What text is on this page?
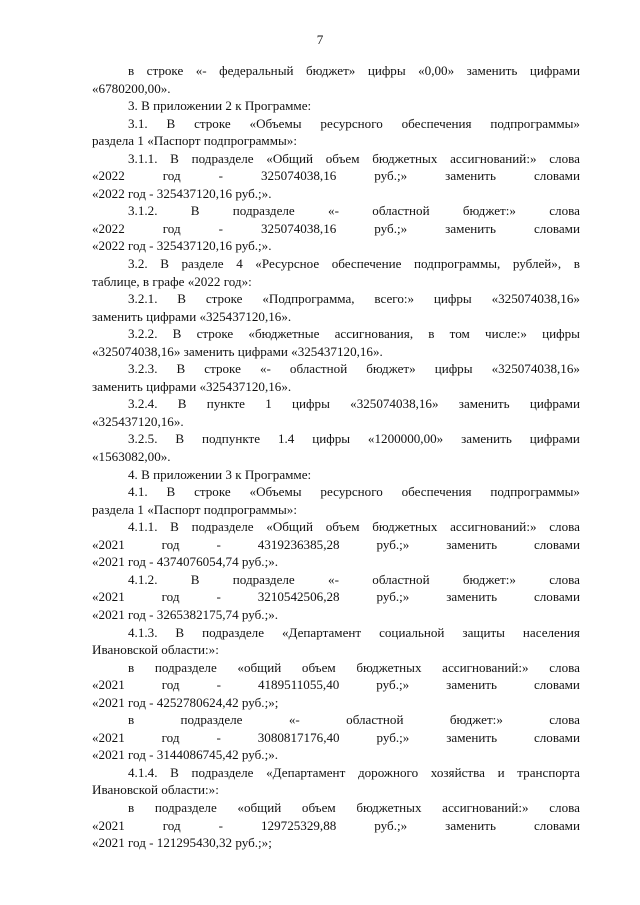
7
в строке «- федеральный бюджет» цифры «0,00» заменить цифрами
«6780200,00».
3. В приложении 2 к Программе:
3.1. В строке «Объемы ресурсного обеспечения подпрограммы»
раздела 1 «Паспорт подпрограммы»:
3.1.1. В подразделе «Общий объем бюджетных ассигнований:» слова
«2022	год	-	325074038,16	руб.;»	заменить	словами
«2022 год - 325437120,16 руб.;».
3.1.2.	В	подразделе	«-	областной	бюджет:»	слова
«2022	год	-	325074038,16	руб.;»	заменить	словами
«2022 год - 325437120,16 руб.;».
3.2. В разделе 4 «Ресурсное обеспечение подпрограммы, рублей», в
таблице, в графе «2022 год»:
3.2.1. В строке «Подпрограмма, всего:» цифры «325074038,16»
заменить цифрами «325437120,16».
3.2.2. В строке «бюджетные ассигнования, в том числе:» цифры
«325074038,16» заменить цифрами «325437120,16».
3.2.3. В строке «- областной бюджет» цифры «325074038,16»
заменить цифрами «325437120,16».
3.2.4. В пункте 1 цифры «325074038,16» заменить цифрами
«325437120,16».
3.2.5. В подпункте 1.4 цифры «1200000,00» заменить цифрами
«1563082,00».
4. В приложении 3 к Программе:
4.1. В строке «Объемы ресурсного обеспечения подпрограммы»
раздела 1 «Паспорт подпрограммы»:
4.1.1. В подразделе «Общий объем бюджетных ассигнований:» слова
«2021	год	-	4319236385,28	руб.;»	заменить	словами
«2021 год - 4374076054,74 руб.;».
4.1.2.	В	подразделе	«-	областной	бюджет:»	слова
«2021	год	-	3210542506,28	руб.;»	заменить	словами
«2021 год - 3265382175,74 руб.;».
4.1.3. В подразделе «Департамент социальной защиты населения
Ивановской области:»:
в подразделе «общий объем бюджетных ассигнований:» слова
«2021	год	-	4189511055,40	руб.;»	заменить	словами
«2021 год - 4252780624,42 руб.;»;
в	подразделе	«-	областной	бюджет:»	слова
«2021	год	-	3080817176,40	руб.;»	заменить	словами
«2021 год - 3144086745,42 руб.;».
4.1.4. В подразделе «Департамент дорожного хозяйства и транспорта
Ивановской области:»:
в подразделе «общий объем бюджетных ассигнований:» слова
«2021	год	-	129725329,88	руб.;»	заменить	словами
«2021 год - 121295430,32 руб.;»;
